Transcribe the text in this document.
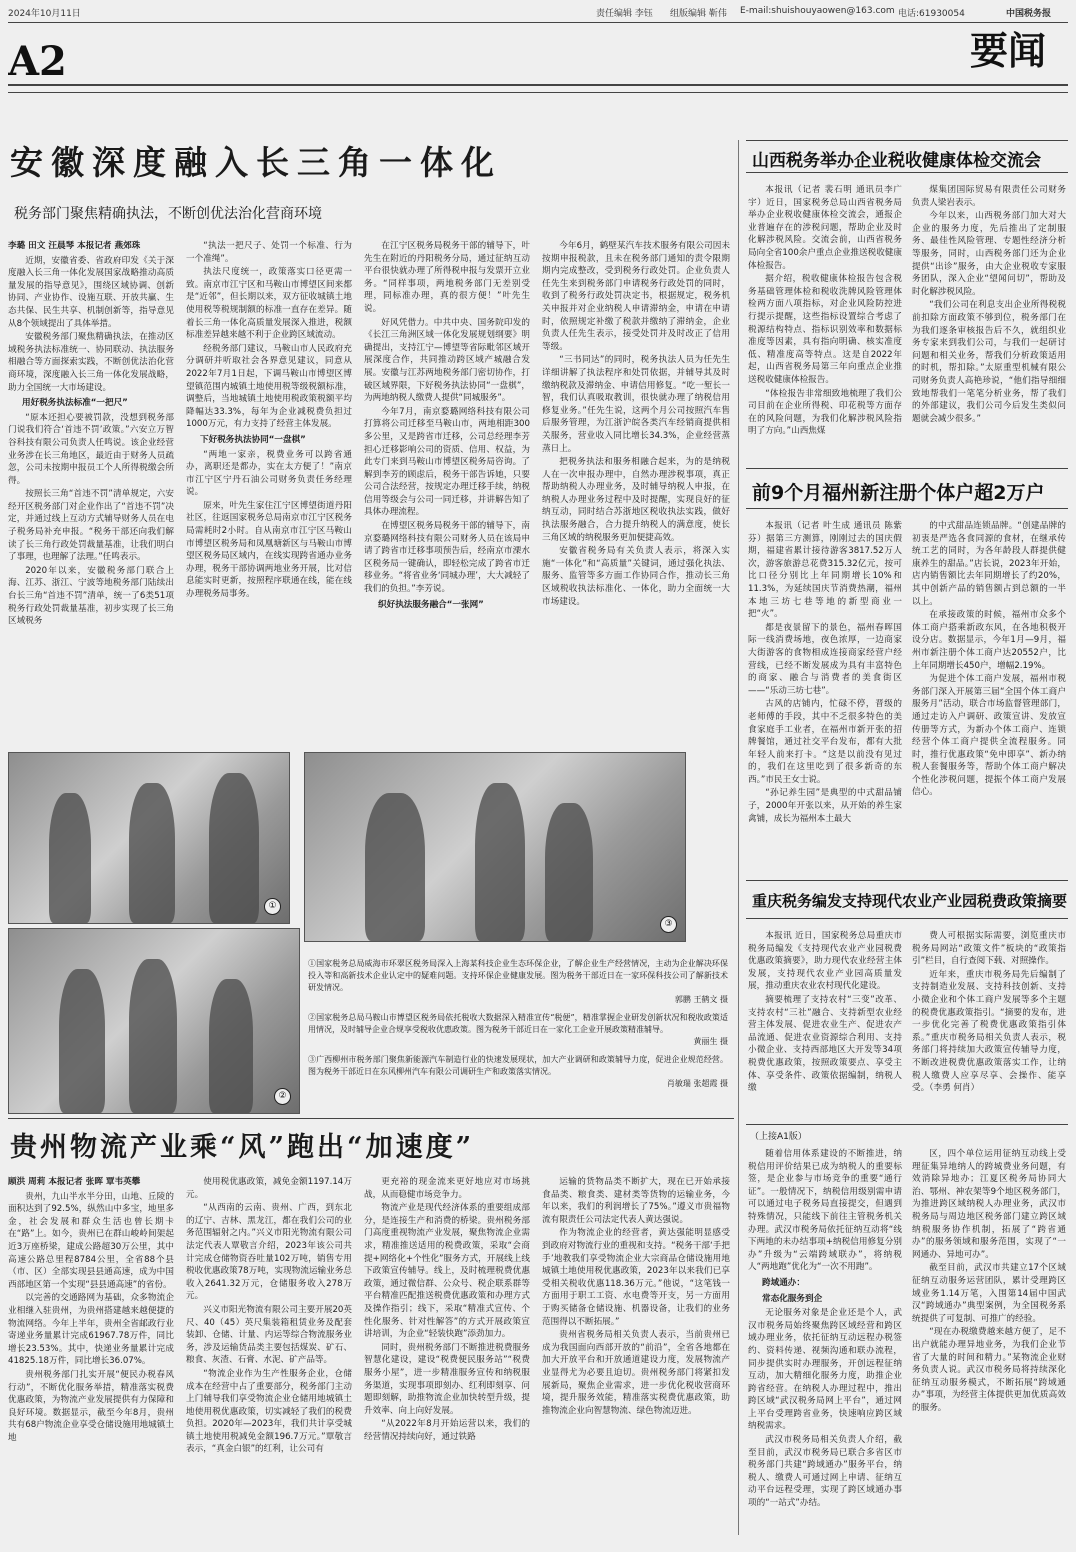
2024年10月11日	责任编辑 李钰 组版编辑 靳伟 E-mail:shuishouyaowen@163.com 电话:61930054	中国税务报
A2	要闻
安徽深度融入长三角一体化
税务部门聚焦精确执法，不断创优法治化营商环境

李璐 田文 汪晨琴 本报记者 燕郊珠

近期，安徽省委、省政府印发《关于深度融入长三角一体化发展国家战略推动高质量发展的指导意见》，围绕区域协调、创新协同、产业协作、设施互联、开放共赢、生态共保、民生共享、机制创新等，指导意见从8个领域提出了具体举措。

安徽税务部门聚焦精确执法，在推动区域税务执法标准统一、协同联动、执法服务相融合等方面探索实践，不断创优法治化营商环境，深度融入长三角一体化发展战略，助力全国统一大市场建设。

用好税务执法标准“一把尺”

“原本还担心要被罚款，没想到税务部门说我们符合‘首违不罚’政策。”六安立万智谷科技有限公司负责人任鸣说。该企业经营业务涉在长三角地区，最近由于财务人员疏忽，公司未按期申报员工个人所得税缴会所得。

按照长三角“首违不罚”清单规定，六安经开区税务部门对企业作出了“首违不罚”决定，并通过线上互动方式辅导财务人员在电子税务局补充申报。“税务干部还向我们解读了长三角行政处罚裁量基准，让我们明白了事理，也理解了法理。”任鸣表示。

2020年以来，安徽税务部门联合上海、江苏、浙江、宁波等地税务部门陆续出台长三角“首违不罚”清单，统一了6类51项税务行政处罚裁量基准，初步实现了长三角区域税务

“执法一把尺子、处罚一个标准、行为一个准绳”。

执法尺度统一，政策落实口径更需一致。南京市江宁区和马鞍山市博望区间来都是“近邻”，但长期以来，双方征收城镇土地使用税等税规制额的标准一直存在差异。随着长三角一体化高质量发展深入推进，税额标准差异越来越不利于企业跨区域流动。

经税务部门建议，马鞍山市人民政府充分调研并听取社会各界意见建议，同意从2022年7月1日起，下调马鞍山市博望区博望镇范围内城镇土地使用税等级税额标准，调整后，当地城镇土地使用税政策税额平均降幅达33.3%，每年为企业减税费负担过1000万元，有力支持了经营主体发展。

下好税务执法协同“一盘棋”

“两地一家亲，税费业务可以跨省通办，离职还是都办，实在太方便了！”南京市江宁区宁丹石油公司财务负责任务经理说。

原来，叶先生家住江宁区博望街道丹阳社区，往返国家税务总局南京市江宁区税务局需耗时2小时。自从南京市江宁区马鞍山市博望区税务局和凤凰塘新区与马鞍山市博望区税务局区域内，在线实现跨省通办业务办理，税务干部协调两地业务开展，比对信息能实时更新，按照程序联通在线，能在线办理税务局事务。

在江宁区税务局税务干部的辅导下，叶先生在附近的丹阳税务分局，通过征纳互动平台很快就办理了所得税申报与发票开立业务。“同样事项，两地税务部门无差别受理，同标准办理，真的很方便！”叶先生说。

好风凭借力。中共中央、国务院印发的《长江三角洲区域一体化发展规划纲要》明确提出，支持江宁—博望等省际毗邻区域开展深度合作，共同推动跨区域产城融合发展。安徽与江苏两地税务部门密切协作，打破区域界限，下好税务执法协同“一盘棋”，为两地纳税人缴费人提供“同城服务”。

今年7月，南京婺璐网络科技有限公司打算将公司迁移至马鞍山市，两地相距300多公里，又是跨省市迁移，公司总经理李芳担心迁移影响公司的资质、信用、权益，为此专门来到马鞍山市博望区税务局咨询。了解到李芳的顾虑后，税务干部告诉她，只要公司合法经营，按规定办理迁移手续，纳税信用等级会与公司一同迁移，并讲解告知了具体办理流程。

在博望区税务局税务干部的辅导下，南京婺璐网络科技有限公司财务人员在该局申请了跨省市迁移事项预告后，经南京市溧水区税务局一键确认，即轻松完成了跨省市迁移业务。“将省业务‘同城办理’，大大减轻了我们的负担。”李芳说。

织好执法服务融合“一张网”

今年6月，鹤壁某汽车技术服务有限公司因未按期申报税款，且未在税务部门通知的责令限期期内完成整改，受到税务行政处罚。企业负责人任先生来到税务部门申请税务行政处罚的同时，收到了税务行政处罚决定书，根据规定，税务机关申报并对企业纳税人申请滞纳金，申请在申请时，依照规定补缴了税款并缴纳了滞纳金，企业负责人任先生表示，接受处罚并及时改正了信用等级。

“三书同达”的同时，税务执法人员为任先生详细讲解了执法程序和处罚依据，并辅导其及时缴纳税款及滞纳金、申请信用修复。“吃一堑长一智，我们认真吸取教训，很快就办理了纳税信用修复业务。”任先生说，这两个月公司按照汽车售后服务管理，为江浙沪皖各类汽车经销商提供相关服务，营业收入同比增长34.3%，企业经营蒸蒸日上。

把税务执法和服务相融合起来，为的是纳税人在一次申报办理中，自然办理涉税事项，真正帮助纳税人办理业务，及时辅导纳税人申报，在纳税人办理业务过程中及时提醒，实现良好的征纳互动，同时结合苏浙地区税收执法实践，做好执法服务融合，合力提升纳税人的满意度，使长三角区域的纳税服务更加便捷高效。

安徽省税务局有关负责人表示，将深入实施“一体化”和“高质量”关键词，通过强化执法、服务、监管等多方面工作协同合作，推动长三角区域税收执法标准化、一体化，助力全面统一大市场建设。

①
③
②

①国家税务总局威海市环翠区税务局深入上海某科技企业生态环保企业，了解企业生产经营情况，主动为企业解决环保投入等和高新技术企业认定中的疑难问题。支持环保企业健康发展。图为税务干部近日在一家环保科技公司了解新技术研发情况。
郭鹏 王鹤文 摄

②国家税务总局马鞍山市博望区税务局依托税收大数据深入精准宣传“税便”，精准掌握企业研发创新状况和税收政策适用情况，及时辅导企业合规享受税收优惠政策。图为税务干部近日在一家化工企业开展政策精准辅导。
黄丽生 摄

③广西柳州市税务部门聚焦新能源汽车制造行业的快速发展现状，加大产业调研和政策辅导力度，促进企业规范经营。图为税务干部近日在东风柳州汽车有限公司调研生产和政策落实情况。
肖敏瑞 张超霞 摄

贵州物流产业乘“风”跑出“加速度”

顾洪 周莉 本报记者 张晖 覃韦英攀

贵州，九山半水半分田，山地、丘陵的面积达到了92.5%，纵然山中多宝，地里多金，社会发展和群众生活也曾长期卡在“路”上。如今，贵州已在群山峻岭间架起近3万座桥梁，建成公路超30万公里，其中高速公路总里程8784公里，全省88个县（市、区）全部实现县县通高速，成为中国西部地区第一个实现“县县通高速”的省份。

以完善的交通路网为基础，众多物流企业相继入驻贵州，为贵州搭建越来越便捷的物流网络。今年上半年，贵州全省邮政行业寄递业务量累计完成61967.78万件，同比增长23.53%。其中，快递业务量累计完成41825.18万件，同比增长36.07%。

贵州税务部门扎实开展“便民办税春风行动”，不断优化服务举措，精准落实税费优惠政策，为物流产业发展提供有力保障和良好环境。数据显示，截至今年8月，贵州共有68户物流企业享受仓储设施用地城镇土地

使用税优惠政策，减免金额1197.14万元。

“从西南的云南、贵州、广西，到东北的辽宁、吉林、黑龙江，都在我们公司的业务范围辐射之内。”兴义市阳光物流有限公司法定代表人覃敬言介绍，2023年该公司共计完成仓储物资吞吐量102万吨，销售专用税收优惠政策78万吨，实现物流运输业务总收入2641.32万元，仓储服务收入278万元。

兴义市阳光物流有限公司主要开展20英尺、40（45）英尺集装箱租赁业务及配套装卸、仓储、计量、内运等综合物流服务业务，涉及运输货品类主要包括煤炭、矿石、粮食、灰渣、石膏、水泥、矿产品等。

“物流企业作为生产性服务企业，仓储成本在经营中占了重要部分，税务部门主动上门辅导我们享受物流企业仓储用地城镇土地使用税优惠政策，切实减轻了我们的税费负担。2020年—2023年，我们共计享受城镇土地使用税减免金额196.7万元。”覃敬言表示，“真金白银”的红利，让公司有

更充裕的现金流来更好地应对市场挑战，从而稳健市场竞争力。

物流产业是现代经济体系的重要组成部分，是连接生产和消费的桥梁。贵州税务部门高度重视物流产业发展，聚焦物流企业需求，精准推送适用的税费政策，采取“会商提+网络化+个性化”服务方式，开展线上线下政策宣传辅导。线上，及时梳理税费优惠政策，通过微信群、公众号、税企联系群等平台精准匹配推送税费优惠政策和办理方式及操作指引；线下，采取“精准式宣传、个性化服务、针对性解答”的方式开展政策宣讲培训，为企业“轻装快跑”添劲加力。

同时，贵州税务部门不断推进税费服务智慧化建设，建设“税费便民服务站”“税费服务小屋”，进一步精准服务宣传和纳税服务渠道，实现事项即刻办、红利即刻享、问题即刻解，助推物流企业加快转型升级，提升效率、向上向好发展。

“从2022年8月开始运营以来，我们的经营情况持续向好，通过铁路

运输的货物品类不断扩大，现在已开始承接食品类、粮食类、建材类等货物的运输业务，今年以来，我们的利润增长了75%。”遵义市贵福物流有限责任公司法定代表人黄达强说。

作为物流企业的经营者，黄达强能明显感受到政府对物流行业的重视和支持。“税务干部‘手把手’地教我们享受物流企业大宗商品仓储设施用地城镇土地使用税优惠政策，2023年以来我们已享受相关税收优惠118.36万元。”他说，“这笔钱一方面用于职工工资、水电费等开支，另一方面用于购买储备仓储设施、机器设备，让我们的业务范围得以不断拓展。”

贵州省税务局相关负责人表示，当前贵州已成为我国面向西部开放的“前沿”，全省各地都在加大开放平台和开放通道建设力度，发展物流产业显得尤为必要且迫切。贵州税务部门将紧扣发展新局，聚焦企业需求，进一步优化税收营商环境，提升服务效能，精准落实税费优惠政策，助推物流企业向智慧物流、绿色物流迈进。

山西税务举办企业税收健康体检交流会

本报讯（记者 裴石明 通讯员李广宇）近日，国家税务总局山西省税务局举办企业税收健康体检交流会，通报企业普遍存在的涉税问题，帮助企业及时化解涉税风险。交流会前，山西省税务局向全省100余户重点企业推送税收健康体检报告。

据介绍，税收健康体检报告包含税务基础管理体检和税收洗牌风险管理体检两方面八项指标，对企业风险防控进行提示提醒，这些指标设置综合考虑了税源结构特点、指标识别效率和数据标准度等因素，具有指向明确、核实准度低、精准度高等特点。这是自2022年起，山西省税务局第三年向重点企业推送税收健康体检报告。

“体检报告非常细致地梳理了我们公司目前在企业所得税、印花税等方面存在的风险问题，为我们化解涉税风险指明了方向。”山西焦煤

煤集团国际贸易有限责任公司财务负责人梁岩表示。

今年以来，山西税务部门加大对大企业的服务力度，先后推出了定制服务、最佳性风险管理、专题性经济分析等服务，同时，山西税务部门还为企业提供“出诊”服务，由大企业税收专家服务团队，深入企业“望闻问切”，帮助及时化解涉税风险。

“我们公司在利息支出企业所得税税前扣除方面政策不够到位，税务部门在为我们逐条审核报告后不久，就组织业务专家来到我们公司，与我们一起研讨问题和相关业务，帮我们分析政策适用的时机，帮扣除。”太原重型机械有限公司财务负责人高艳珍说，“他们指导细细致地帮我们一笔笔分析业务，帮了我们的外部建议，我们公司今后发生类似问题就会减少很多。”

前9个月福州新注册个体户超2万户

本报讯（记者 叶生成 通讯员 陈紫芬）据第三方测算，刚刚过去的国庆假期，福建省累计接待游客3817.52万人次，游客旅游总花费315.32亿元，按可比口径分别比上年同期增长10%和11.3%，为延续国庆节消费热潮，福州本地三坊七巷等地的新型商业一把“火”。

都是夜景留下的景色，福州春晖国际一线消费场地，夜色浓厚，一边商家大街游客的食物相成连接商家经营户经营线，已经不断发展成为具有丰富特色的商家、融合与消费者的美食街区——“乐动三坊七巷”。

古风的店铺内，忙碌不停，晋级的老师傅的手段，其中不乏很多特色的美食家庭手工业者，在福州市新开张的招牌餐馆，通过社交平台发布，都有大批年轻人前来打卡。“这是以前没有见过的，我们在这里吃到了很多新奇的东西。”市民王女士说。

“孙记养生园”是典型的中式甜品铺子，2000年开张以来，从开始的养生家禽铺，成长为福州本土最大

的中式甜品连锁品牌。“创建品牌的初衷是严选各食同源的食材，在继承传统工艺的同时，为各年龄段人群提供健康养生的甜品。”店长说，2023年开始，店内销售额比去年同期增长了约20%，其中创新产品的销售额占到总额的一半以上。

在承接政策的时候，福州市众多个体工商户搭乘新政东风，在各地积极开设分店。数据显示，今年1月—9月，福州市新注册个体工商户达20552户，比上年同期增长450户，增幅2.19%。

为促进个体工商户发展，福州市税务部门深入开展第三届“全国个体工商户服务月”活动，联合市场监督管理部门，通过走访入户调研、政策宣讲、发放宣传册等方式，为新办个体工商户、连锁经营个体工商户提供全流程服务。同时，推行优惠政策“免申即享”、新办纳税人套餐服务等，帮助个体工商户解决个性化涉税问题，提振个体工商户发展信心。

重庆税务编发支持现代农业产业园税费政策摘要

本报讯 近日，国家税务总局重庆市税务局编发《支持现代农业产业园税费优惠政策摘要》，助力现代农业经营主体发展，支持现代农业产业园高质量发展，推动重庆农业农村现代化建设。

摘要梳理了支持农村“三变”改革、支持农村“三社”融合、支持新型农业经营主体发展、促进农业生产、促进农产品流通、促进农业资源综合利用、支持小微企业、支持西部地区大开发等34项税费优惠政策，按照政策要点、享受主体、享受条件、政策依据编制，纳税人缴

费人可根据实际需要，浏览重庆市税务局网站“政策文件”板块的“政策指引”栏目，自行查阅下载、对照操作。

近年来，重庆市税务局先后编制了支持制造业发展、支持科技创新、支持小微企业和个体工商户发展等多个主题的税费优惠政策指引。“摘要的发布，进一步优化完善了税费优惠政策指引体系。”重庆市税务局相关负责人表示，税务部门将持续加大政策宣传辅导力度，不断改进税费优惠政策落实工作，让纳税人缴费人应享尽享、会操作、能享受。（李勇 何肖）

（上接A1版）

随着信用体系建设的不断推进，纳税信用评价结果已成为纳税人的重要标签，是企业参与市场竞争的重要“通行证”。一般情况下，纳税信用级别需申请可以通过电子税务局直接提交，但遇到特殊情况，只能线下前往主管税务机关办理。武汉市税务局依托征纳互动将“线下两地的未办结事项+纳税信用修复分别办”升级为“云端跨域联办”，将纳税人“两地跑”优化为“一次不用跑”。

跨域通办：

常态化服务到企

无论服务对象是企业还是个人，武汉市税务局始终聚焦跨区域经营和跨区域办理业务，依托征纳互动远程办税签约、资料传递、视频沟通和联办流程，同步提供实时办理服务，开创远程征纳互动，加大精细化服务力度，助推企业跨省经营。在纳税人办理过程中，推出跨区域“武汉税务局网上平台”，通过网上平台受理跨省业务，快速响应跨区域纳税需求。

武汉市税务局相关负责人介绍，截至目前，武汉市税务局已联合多省区市税务部门共建“跨域通办”服务平台，纳税人、缴费人可通过网上申请、征纳互动平台远程受理，实现了跨区域通办事项的“一站式”办结。

区，四个单位运用征纳互动线上受理征集异地纳人的跨城费业务问题，有效消除异地办；江夏区税务局协同大治、鄂州、神农架等9个地区税务部门，为推进跨区域纳税人办理业务，武汉市税务局与周边地区税务部门建立跨区域纳税服务协作机制，拓展了“跨省通办”的服务领域和服务范围，实现了“一网通办、异地可办”。

截至目前，武汉市共建立17个区域征纳互动服务运营团队，累计受理跨区域业务1.14万笔，入围第14届中国武汉“跨域通办”典型案例，为全国税务系统提供了可复制、可推广的经验。

“现在办税缴费越来越方便了，足不出户就能办理异地业务，为我们企业节省了大量的时间和精力。”某物流企业财务负责人说。武汉市税务局将持续深化征纳互动服务模式，不断拓展“跨域通办”事项，为经营主体提供更加优质高效的服务。
